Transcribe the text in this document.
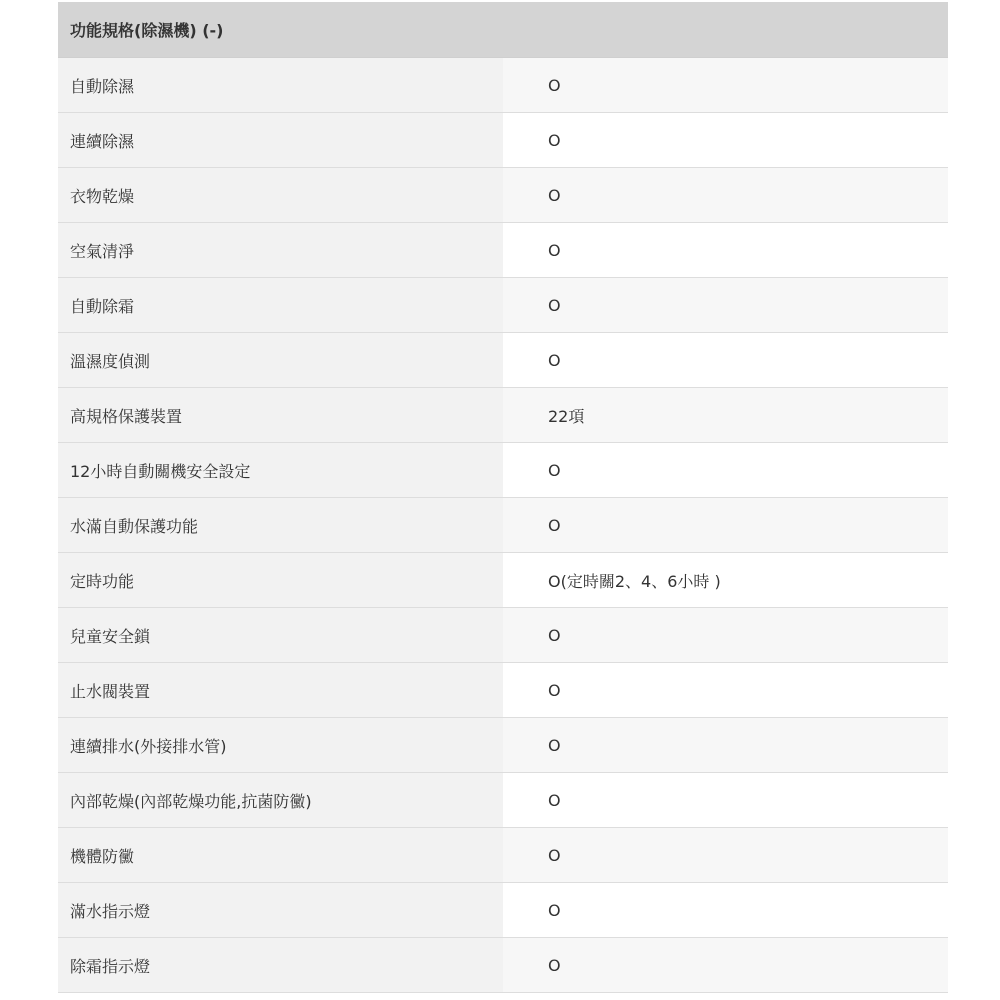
功能規格(除濕機) (-)	
自動除濕	O
連續除濕	O
衣物乾燥	O
空氣清淨	O
自動除霜	O
溫濕度偵測	O
高規格保護裝置	22項
12小時自動關機安全設定	O
水滿自動保護功能	O
定時功能	O(定時關2、4、6小時 )
兒童安全鎖	O
止水閥裝置	O
連續排水(外接排水管)	O
內部乾燥(內部乾燥功能,抗菌防黴)	O
機體防黴	O
滿水指示燈	O
除霜指示燈	O
